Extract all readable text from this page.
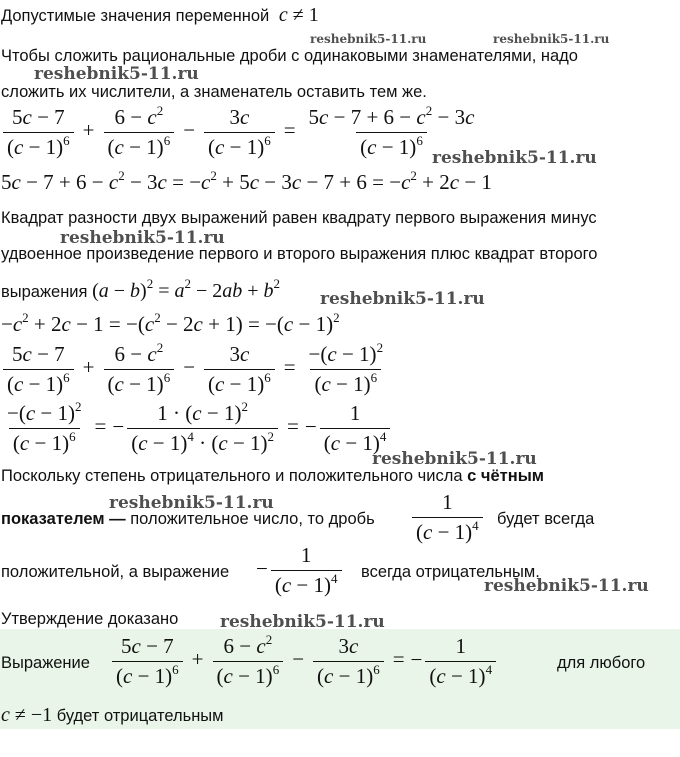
Допустимые значения переменной c ≠ 1
Чтобы сложить рациональные дроби с одинаковыми знаменателями, надо
сложить их числители, а знаменатель оставить тем же.
$\frac{5c - 7}{(c - 1)^6} + \frac{6 - c^2}{(c - 1)^6} - \frac{3c}{(c - 1)^6} = \frac{5c - 7 + 6 - c^2 - 3c}{(c - 1)^6}$
$5c - 7 + 6 - c^2 - 3c = -c^2 + 5c - 3c - 7 + 6 = -c^2 + 2c - 1$
Квадрат разности двух выражений равен квадрату первого выражения минус
удвоенное произведение первого и второго выражения плюс квадрат второго
выражения $(a - b)^2 = a^2 - 2ab + b^2$
$-c^2 + 2c - 1 = -(c^2 - 2c + 1) = -(c - 1)^2$
$\frac{5c - 7}{(c - 1)^6} + \frac{6 - c^2}{(c - 1)^6} - \frac{3c}{(c - 1)^6} = \frac{-(c - 1)^2}{(c - 1)^6}$
$\frac{-(c - 1)^2}{(c - 1)^6}$ = − $\frac{1 \cdot (c - 1)^2}{(c - 1)^4 \cdot (c - 1)^2}$ = − $\frac{1}{(c - 1)^4}$
Поскольку степень отрицательного и положительного числа с чётным
показателем — положительное число, то дробь $\frac{1}{(c - 1)^4}$ будет всегда
положительной, а выражение − $\frac{1}{(c - 1)^4}$ всегда отрицательным.
Утверждение доказано
Выражение $\frac{5c - 7}{(c - 1)^6} + \frac{6 - c^2}{(c - 1)^6} - \frac{3c}{(c - 1)^6}$ = − $\frac{1}{(c - 1)^4}$	для любого
c ≠ −1 будет отрицательным
reshebnik5-11.ru	reshebnik5-11.ru
reshebnik5-11.ru
reshebnik5-11.ru
reshebnik5-11.ru
reshebnik5-11.ru
reshebnik5-11.ru
reshebnik5-11.ru
reshebnik5-11.ru
reshebnik5-11.ru
